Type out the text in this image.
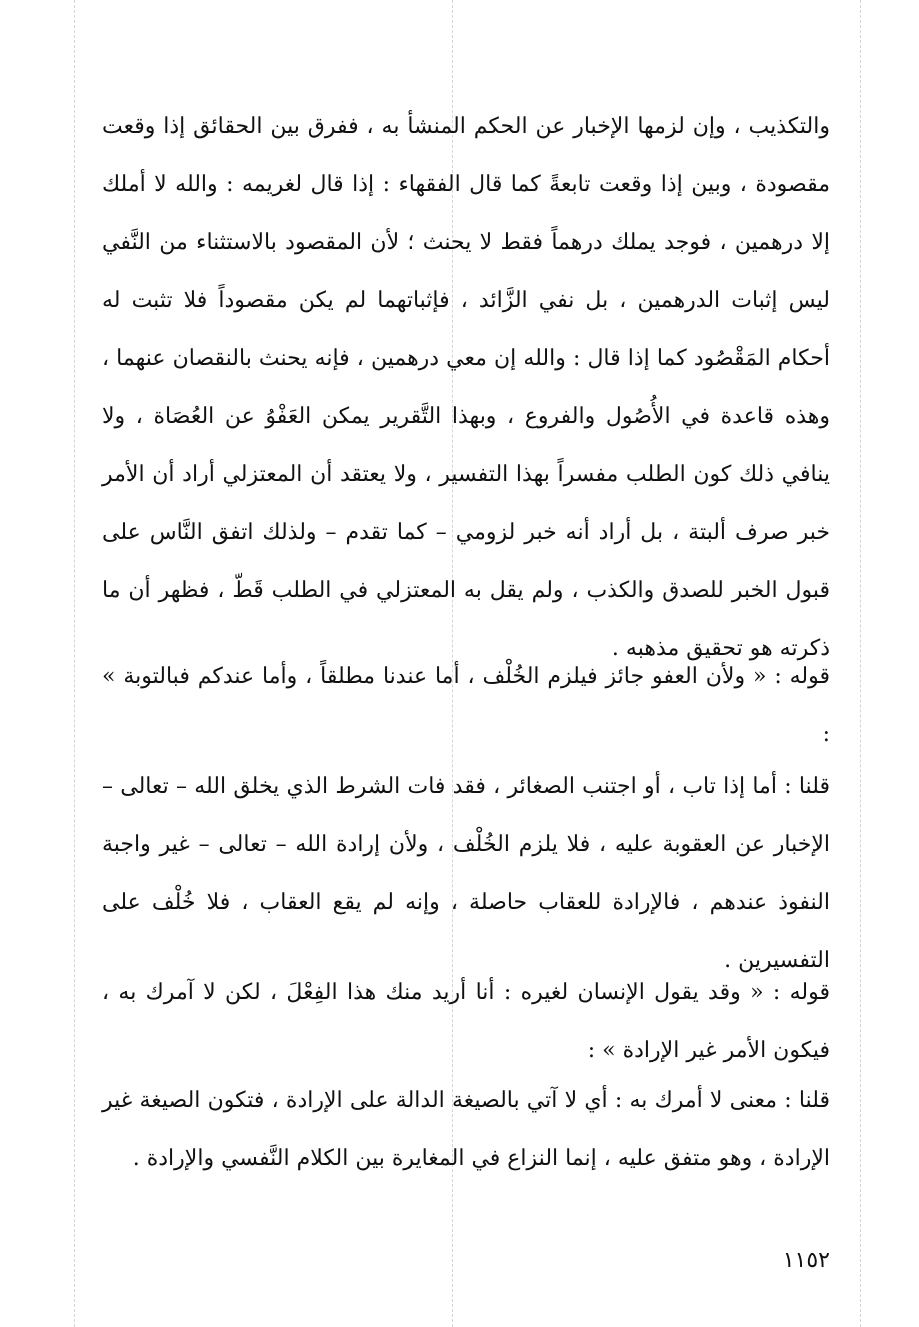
والتكذيب ، وإن لزمها الإخبار عن الحكم المنشأ به ، ففرق بين الحقائق إذا وقعت مقصودة ، وبين إذا وقعت تابعةً كما قال الفقهاء : إذا قال لغريمه : والله لا أملك إلا درهمين ، فوجد يملك درهماً فقط لا يحنث ؛ لأن المقصود بالاستثناء من النَّفي ليس إثبات الدرهمين ، بل نفي الزَّائد ، فإثباتهما لم يكن مقصوداً فلا تثبت له أحكام المَقْصُود كما إذا قال : والله إن معي درهمين ، فإنه يحنث بالنقصان عنهما ، وهذه قاعدة في الأُصُول والفروع ، وبهذا التَّقرير يمكن العَفْوُ عن العُصَاة ، ولا ينافي ذلك كون الطلب مفسراً بهذا التفسير ، ولا يعتقد أن المعتزلي أراد أن الأمر خبر صرف ألبتة ، بل أراد أنه خبر لزومي – كما تقدم – ولذلك اتفق النَّاس على قبول الخبر للصدق والكذب ، ولم يقل به المعتزلي في الطلب قَطّ ، فظهر أن ما ذكرته هو تحقيق مذهبه .

قوله : « ولأن العفو جائز فيلزم الخُلْف ، أما عندنا مطلقاً ، وأما عندكم فبالتوبة » :

قلنا : أما إذا تاب ، أو اجتنب الصغائر ، فقد فات الشرط الذي يخلق الله – تعالى – الإخبار عن العقوبة عليه ، فلا يلزم الخُلْف ، ولأن إرادة الله – تعالى – غير واجبة النفوذ عندهم ، فالإرادة للعقاب حاصلة ، وإنه لم يقع العقاب ، فلا خُلْف على التفسيرين .

قوله : « وقد يقول الإنسان لغيره : أنا أريد منك هذا الفِعْلَ ، لكن لا آمرك به ، فيكون الأمر غير الإرادة » :

قلنا : معنى لا أمرك به : أي لا آتي بالصيغة الدالة على الإرادة ، فتكون الصيغة غير الإرادة ، وهو متفق عليه ، إنما النزاع في المغايرة بين الكلام النَّفسي والإرادة .

١١٥٢
